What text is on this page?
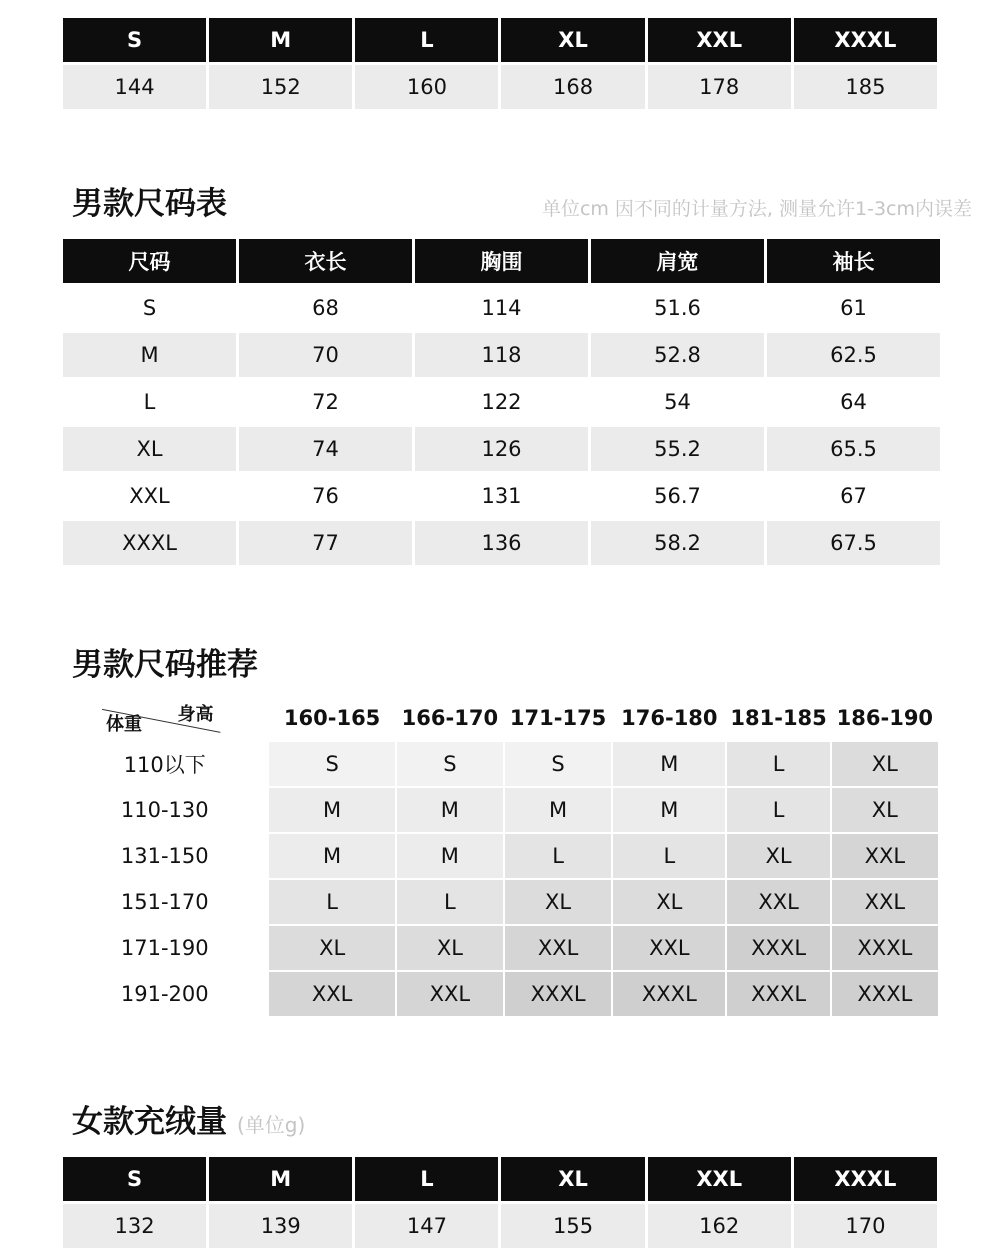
S	M	L	XL	XXL	XXXL
144	152	160	168	178	185
男款尺码表	单位cm 因不同的计量方法, 测量允许1-3cm内误差
尺码	衣长	胸围	肩宽	袖长
S	68	114	51.6	61
M	70	118	52.8	62.5
L	72	122	54	64
XL	74	126	55.2	65.5
XXL	76	131	56.7	67
XXXL	77	136	58.2	67.5
男款尺码推荐
身高
体重	160-165	166-170	171-175	176-180	181-185	186-190
110以下	S	S	S	M	L	XL
110-130	M	M	M	M	L	XL
131-150	M	M	L	L	XL	XXL
151-170	L	L	XL	XL	XXL	XXL
171-190	XL	XL	XXL	XXL	XXXL	XXXL
191-200	XXL	XXL	XXXL	XXXL	XXXL	XXXL
女款充绒量 (单位g)
S	M	L	XL	XXL	XXXL
132	139	147	155	162	170
